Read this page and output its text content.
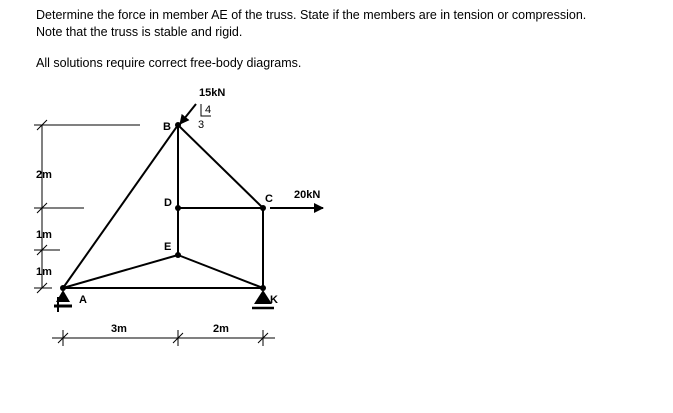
Determine the force in member AE of the truss. State if the members are in tension or compression.

Note that the truss is stable and rigid.

All solutions require correct free-body diagrams.

A
B
C
D
E
K
15kN
4
3
20kN
2m
1m
1m
3m	2m
